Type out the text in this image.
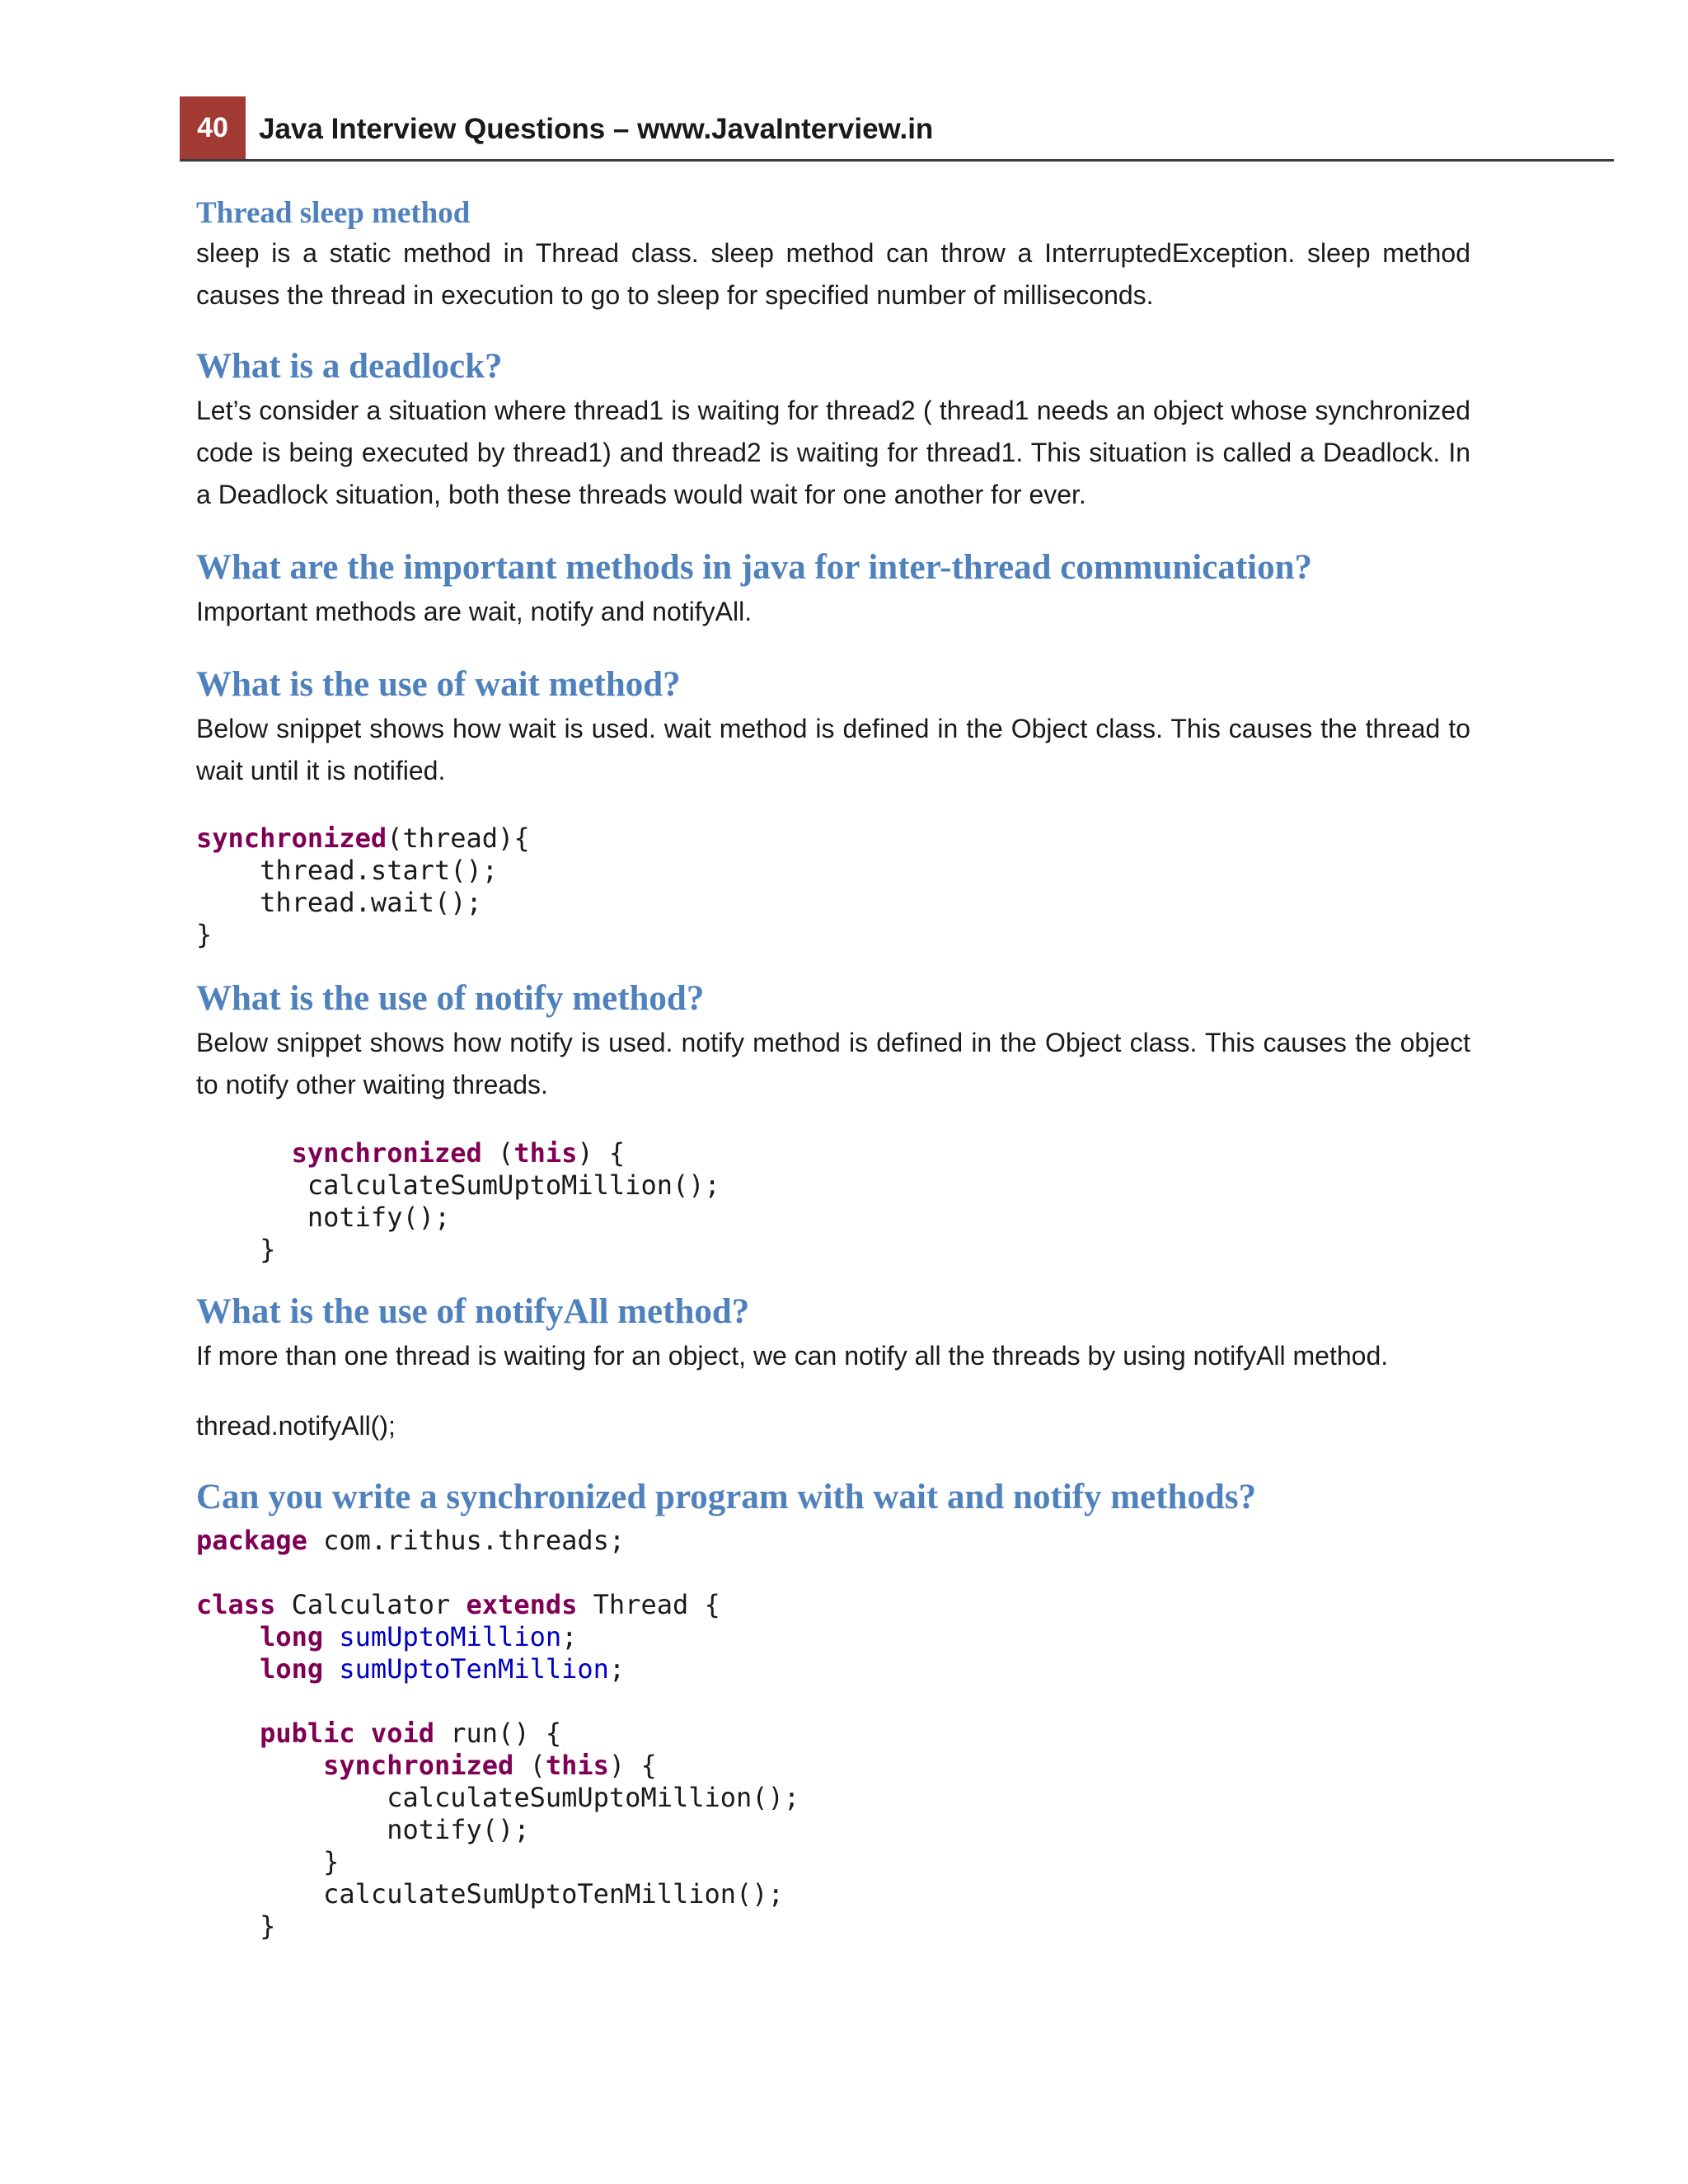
40	Java Interview Questions – www.JavaInterview.in
Thread sleep method

sleep is a static method in Thread class. sleep method can throw a InterruptedException. sleep method causes the thread in execution to go to sleep for specified number of milliseconds.

What is a deadlock?

Let’s consider a situation where thread1 is waiting for thread2 ( thread1 needs an object whose synchronized code is being executed by thread1) and thread2 is waiting for thread1. This situation is called a Deadlock. In a Deadlock situation, both these threads would wait for one another for ever.

What are the important methods in java for inter-thread communication?

Important methods are wait, notify and notifyAll.

What is the use of wait method?

Below snippet shows how wait is used. wait method is defined in the Object class. This causes the thread to wait until it is notified.

synchronized(thread){
thread.start();
thread.wait();
}
What is the use of notify method?

Below snippet shows how notify is used. notify method is defined in the Object class. This causes the object to notify other waiting threads.

synchronized (this) {
calculateSumUptoMillion();
notify();
}
What is the use of notifyAll method?

If more than one thread is waiting for an object, we can notify all the threads by using notifyAll method.

thread.notifyAll();
Can you write a synchronized program with wait and notify methods?
package com.rithus.threads;

class Calculator extends Thread {
long sumUptoMillion;
long sumUptoTenMillion;

public void run() {
synchronized (this) {
calculateSumUptoMillion();
notify();
}
calculateSumUptoTenMillion();
}
